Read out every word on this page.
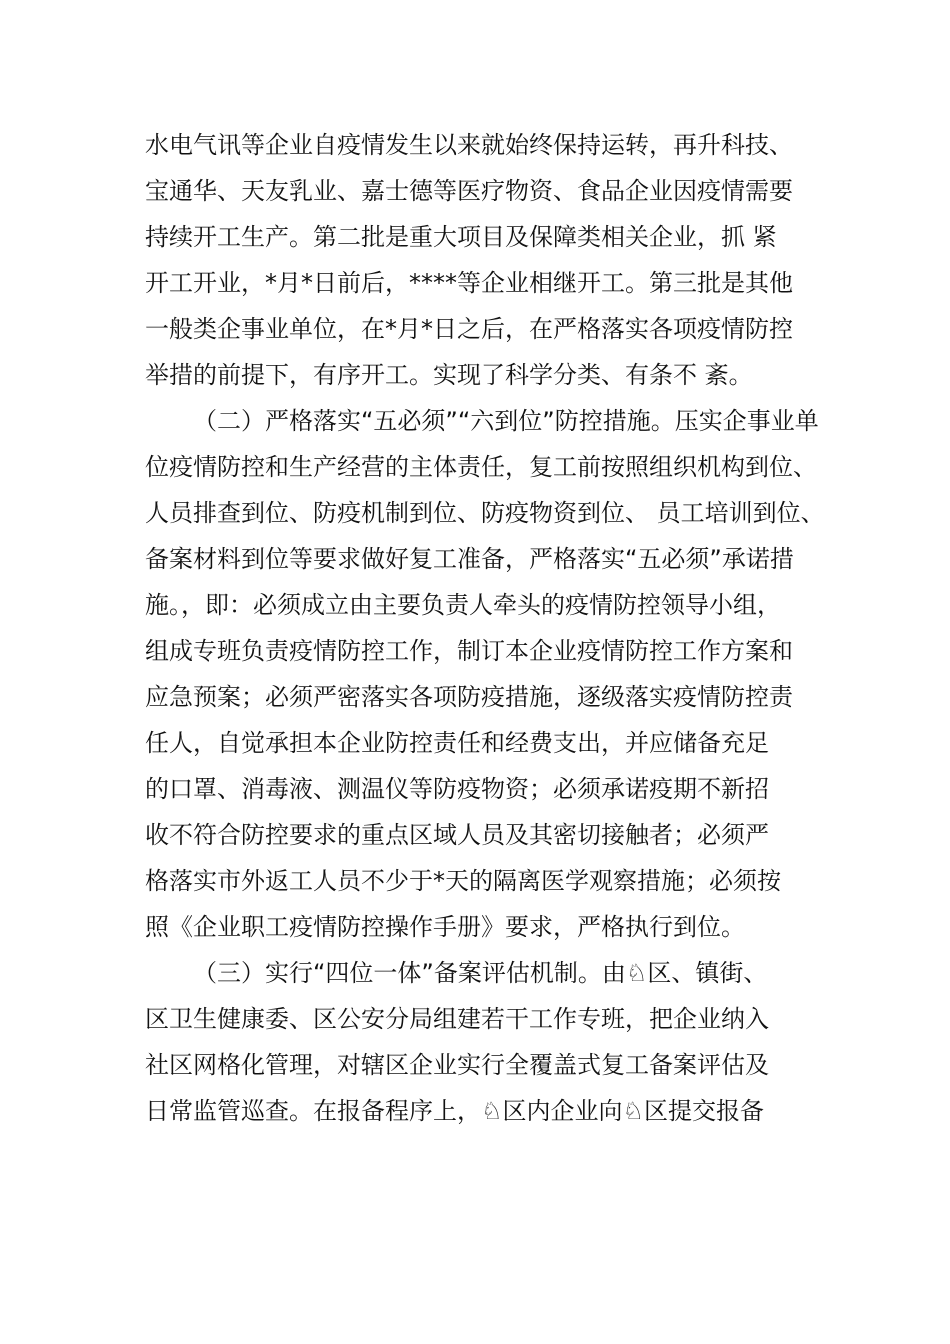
水电气讯等企业自疫情发生以来就始终保持运转，再升科技、
宝通华、天友乳业、嘉士德等医疗物资、食品企业因疫情需要
持续开工生产。第二批是重大项目及保障类相关企业，抓 紧
开工开业，*月*日前后，****等企业相继开工。第三批是其他
一般类企事业单位，在*月*日之后，在严格落实各项疫情防控
举措的前提下，有序开工。实现了科学分类、有条不 紊。
（二）严格落实“五必须”“六到位”防控措施。压实企事业单
位疫情防控和生产经营的主体责任，复工前按照组织机构到位、
人员排查到位、防疫机制到位、防疫物资到位、 员工培训到位、
备案材料到位等要求做好复工准备，严格落实“五必须”承诺措
施。，即：必须成立由主要负责人牵头的疫情防控领导小组，
组成专班负责疫情防控工作，制订本企业疫情防控工作方案和
应急预案；必须严密落实各项防疫措施，逐级落实疫情防控责
任人，自觉承担本企业防控责任和经费支出，并应储备充足
的口罩、消毒液、测温仪等防疫物资；必须承诺疫期不新招
收不符合防控要求的重点区域人员及其密切接触者；必须严
格落实市外返工人员不少于*天的隔离医学观察措施；必须按
照《企业职工疫情防控操作手册》要求，严格执行到位。
（三）实行“四位一体”备案评估机制。由♘区、镇街、
区卫生健康委、区公安分局组建若干工作专班，把企业纳入
社区网格化管理，对辖区企业实行全覆盖式复工备案评估及
日常监管巡查。在报备程序上，♘区内企业向♘区提交报备
